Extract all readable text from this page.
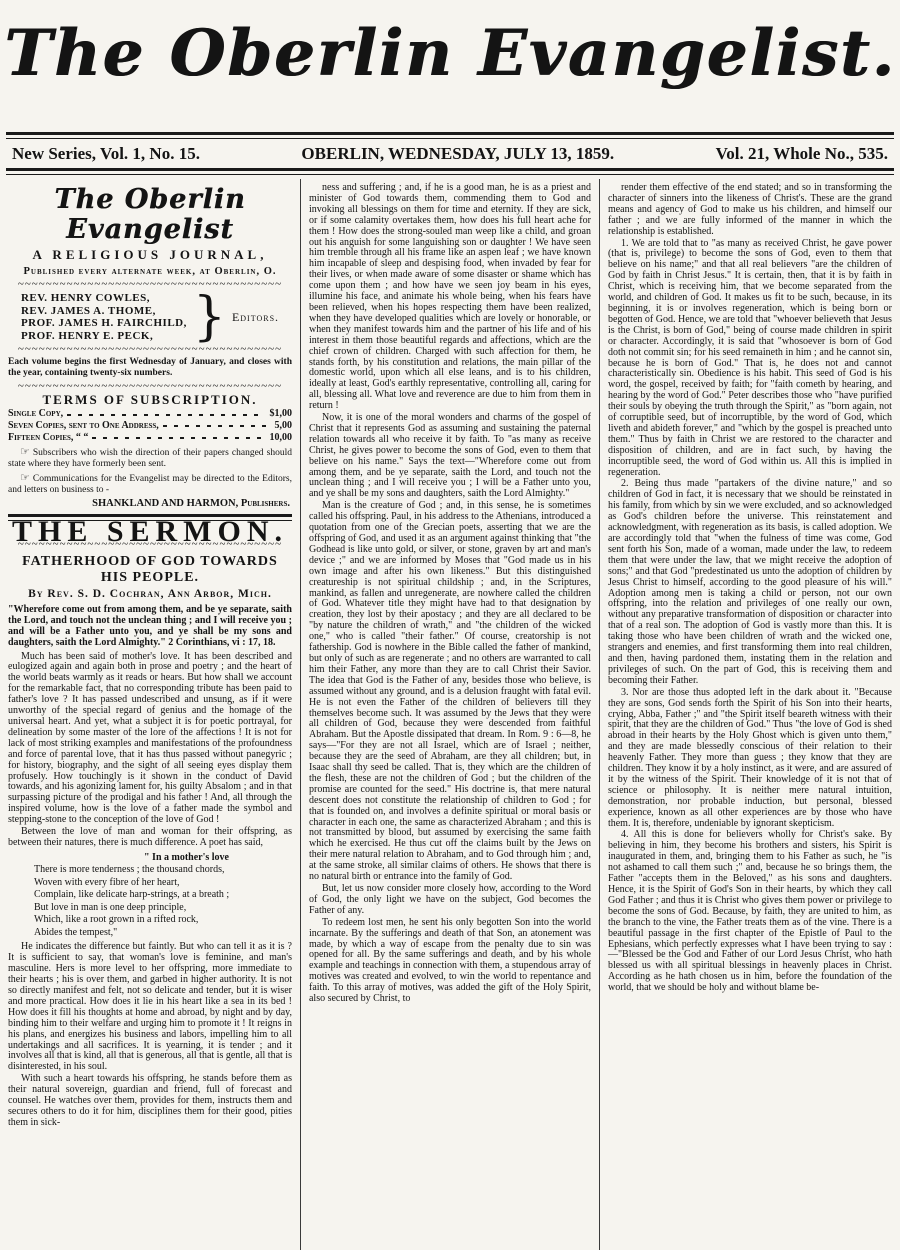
The Oberlin Evangelist.
New Series, Vol. 1, No. 15.	OBERLIN, WEDNESDAY, JULY 13, 1859.	Vol. 21, Whole No., 535.
The Oberlin Evangelist
A RELIGIOUS JOURNAL,
Published every alternate week, at Oberlin, O.
~~~~~
REV. HENRY COWLES,
REV. JAMES A. THOME,
PROF. JAMES H. FAIRCHILD,
PROF. HENRY E. PECK,
}
Editors.
~~~~~
Each volume begins the first Wednesday of January, and closes with the year, containing twenty-six numbers.
~~~~~
TERMS OF SUBSCRIPTION.
Single Copy,	$1,00
Seven Copies, sent to One Address,	5,00
Fifteen Copies, “ “	10,00
☞ Subscribers who wish the direction of their papers changed should state where they have formerly been sent.
☞ Communications for the Evangelist may be directed to the Editors, and letters on business to -
SHANKLAND AND HARMON, Publishers.
THE SERMON.
~~~~~
FATHERHOOD OF GOD TOWARDS HIS PEOPLE.
By Rev. S. D. Cochran, Ann Arbor, Mich.
"Wherefore come out from among them, and be ye separate, saith the Lord, and touch not the unclean thing ; and I will receive you ; and will be a Father unto you, and ye shall be my sons and daughters, saith the Lord Almighty." 2 Corinthians, vi : 17, 18.

Much has been said of mother's love. It has been described and eulogized again and again both in prose and poetry ; and the heart of the world beats warmly as it reads or hears. But how shall we account for the remarkable fact, that no corresponding tribute has been paid to father's love ? It has passed undescribed and unsung, as if it were unworthy of the special regard of genius and the homage of the universal heart. And yet, what a subject it is for poetic portrayal, for delineation by some master of the lore of the affections ! It is not for lack of most striking examples and manifestations of the profoundness and force of parental love, that it has thus passed without panegyric ; for history, biography, and the sight of all seeing eyes display them profusely. How touchingly is it shown in the conduct of David towards, and his agonizing lament for, his guilty Absalom ; and in that surpassing picture of the prodigal and his father ! And, all through the inspired volume, how is the love of a father made the symbol and stepping-stone to the conception of the love of God !

Between the love of man and woman for their offspring, as between their natures, there is much difference. A poet has said,

" In a mother's love
There is more tenderness ; the thousand chords,
Woven with every fibre of her heart,
Complain, like delicate harp-strings, at a breath ;
But love in man is one deep principle,
Which, like a root grown in a rifted rock,
Abides the tempest,"

He indicates the difference but faintly. But who can tell it as it is ? It is sufficient to say, that woman's love is feminine, and man's masculine. Hers is more level to her offspring, more immediate to their hearts ; his is over them, and garbed in higher authority. It is not so directly manifest and felt, not so delicate and tender, but it is wiser and more practical. How does it lie in his heart like a sea in its bed ! How does it fill his thoughts at home and abroad, by night and by day, binding him to their welfare and urging him to promote it ! It reigns in his plans, and energizes his business and labors, impelling him to all undertakings and all sacrifices. It is yearning, it is tender ; and it involves all that is kind, all that is generous, all that is gentle, all that is disinterested, in his soul.

With such a heart towards his offspring, he stands before them as their natural sovereign, guardian and friend, full of forecast and counsel. He watches over them, provides for them, instructs them and secures others to do it for him, disciplines them for their good, pities them in sick-

ness and suffering ; and, if he is a good man, he is as a priest and minister of God towards them, commending them to God and invoking all blessings on them for time and eternity. If they are sick, or if some calamity overtakes them, how does his full heart ache for them ! How does the strong-souled man weep like a child, and groan out his anguish for some languishing son or daughter ! We have seen him tremble through all his frame like an aspen leaf ; we have known him incapable of sleep and despising food, when invaded by fear for their lives, or when made aware of some disaster or shame which has come upon them ; and how have we seen joy beam in his eyes, illumine his face, and animate his whole being, when his fears have been relieved, when his hopes respecting them have been realized, when they have developed qualities which are lovely or honorable, or when they manifest towards him and the partner of his life and of his interest in them those beautiful regards and affections, which are the chief crown of children. Charged with such affection for them, he stands forth, by his constitution and relations, the main pillar of the domestic world, upon which all else leans, and is to his children, ideally at least, God's earthly representative, controlling all, caring for all, blessing all. What love and reverence are due to him from them in return !

Now, it is one of the moral wonders and charms of the gospel of Christ that it represents God as assuming and sustaining the paternal relation towards all who receive it by faith. To "as many as receive Christ, he gives power to become the sons of God, even to them that believe on his name." Says the text—"Wherefore come out from among them, and be ye separate, saith the Lord, and touch not the unclean thing ; and I will receive you ; I will be a Father unto you, and ye shall be my sons and daughters, saith the Lord Almighty."

Man is the creature of God ; and, in this sense, he is sometimes called his offspring. Paul, in his address to the Athenians, introduced a quotation from one of the Grecian poets, asserting that we are the offspring of God, and used it as an argument against thinking that "the Godhead is like unto gold, or silver, or stone, graven by art and man's device ;" and we are informed by Moses that "God made us in his own image and after his own likeness." But this distinguished creatureship is not spiritual childship ; and, in the Scriptures, mankind, as fallen and unregenerate, are nowhere called the children of God. Whatever title they might have had to that designation by creation, they lost by their apostacy ; and they are all declared to be "by nature the children of wrath," and "the children of the wicked one," who is called "their father." Of course, creatorship is not fathership. God is nowhere in the Bible called the father of mankind, but only of such as are regenerate ; and no others are warranted to call him their Father, any more than they are to call Christ their Savior. The idea that God is the Father of any, besides those who believe, is assumed without any ground, and is a delusion fraught with fatal evil. He is not even the Father of the children of believers till they themselves become such. It was assumed by the Jews that they were all children of God, because they were descended from faithful Abraham. But the Apostle dissipated that dream. In Rom. 9 : 6—8, he says—"For they are not all Israel, which are of Israel ; neither, because they are the seed of Abraham, are they all children; but, in Isaac shall thy seed be called. That is, they which are the children of the flesh, these are not the children of God ; but the children of the promise are counted for the seed." His doctrine is, that mere natural descent does not constitute the relationship of children to God ; for that is founded on, and involves a definite spiritual or moral basis or character in each one, the same as characterized Abraham ; and this is not transmitted by blood, but assumed by exercising the same faith which he exercised. He thus cut off the claims built by the Jews on their mere natural relation to Abraham, and to God through him ; and, at the same stroke, all similar claims of others. He shows that there is no natural birth or entrance into the family of God.

But, let us now consider more closely how, according to the Word of God, the only light we have on the subject, God becomes the Father of any.

To redeem lost men, he sent his only begotten Son into the world incarnate. By the sufferings and death of that Son, an atonement was made, by which a way of escape from the penalty due to sin was opened for all. By the same sufferings and death, and by his whole example and teachings in connection with them, a stupendous array of motives was created and evolved, to win the world to repentance and faith. To this array of motives, was added the gift of the Holy Spirit, also secured by Christ, to

render them effective of the end stated; and so in transforming the character of sinners into the likeness of Christ's. These are the grand means and agency of God to make us his children, and himself our father ; and we are fully informed of the manner in which the relationship is established.

1. We are told that to "as many as received Christ, he gave power (that is, privilege) to become the sons of God, even to them that believe on his name;" and that all real believers "are the children of God by faith in Christ Jesus." It is certain, then, that it is by faith in Christ, which is receiving him, that we become separated from the world, and children of God. It makes us fit to be such, because, in its beginning, it is or involves regeneration, which is being born or begotten of God. Hence, we are told that "whoever believeth that Jesus is the Christ, is born of God," being of course made children in spirit or character. Accordingly, it is said that "whosoever is born of God doth not commit sin; for his seed remaineth in him ; and he cannot sin, because he is born of God." That is, he does not and cannot characteristically sin. Obedience is his habit. This seed of God is his word, the gospel, received by faith; for "faith cometh by hearing, and hearing by the word of God." Peter describes those who "have purified their souls by obeying the truth through the Spirit," as "born again, not of corruptible seed, but of incorruptible, by the word of God, which liveth and abideth forever," and "which by the gospel is preached unto them." Thus by faith in Christ we are restored to the character and disposition of children, and are in fact such, by having the incorruptible seed, the word of God within us. All this is implied in regeneration.

2. Being thus made "partakers of the divine nature," and so children of God in fact, it is necessary that we should be reinstated in his family, from which by sin we were excluded, and so acknowledged as God's children before the universe. This reinstatement and acknowledgment, with regeneration as its basis, is called adoption. We are accordingly told that "when the fulness of time was come, God sent forth his Son, made of a woman, made under the law, to redeem them that were under the law, that we might receive the adoption of sons;" and that God "predestinated us unto the adoption of children by Jesus Christ to himself, according to the good pleasure of his will." Adoption among men is taking a child or person, not our own offspring, into the relation and privileges of one really our own, without any preparative transformation of disposition or character into that of a real son. The adoption of God is vastly more than this. It is taking those who have been children of wrath and the wicked one, strangers and enemies, and first transforming them into real children, and then, having pardoned them, instating them in the relation and privileges of such. On the part of God, this is receiving them and becoming their Father.

3. Nor are those thus adopted left in the dark about it. "Because they are sons, God sends forth the Spirit of his Son into their hearts, crying, Abba, Father ;" and "the Spirit itself beareth witness with their spirit, that they are the children of God." Thus "the love of God is shed abroad in their hearts by the Holy Ghost which is given unto them," and they are made blessedly conscious of their relation to their heavenly Father. They more than guess ; they know that they are children. They know it by a holy instinct, as it were, and are assured of it by the witness of the Spirit. Their knowledge of it is not that of science or philosophy. It is neither mere natural intuition, demonstration, nor probable induction, but personal, blessed experience, known as all other experiences are by those who have them. It is, therefore, undeniable by ignorant skepticism.

4. All this is done for believers wholly for Christ's sake. By believing in him, they become his brothers and sisters, his Spirit is inaugurated in them, and, bringing them to his Father as such, he "is not ashamed to call them such ;" and, because he so brings them, the Father "accepts them in the Beloved," as his sons and daughters. Hence, it is the Spirit of God's Son in their hearts, by which they call God Father ; and thus it is Christ who gives them power or privilege to become the sons of God. Because, by faith, they are united to him, as the branch to the vine, the Father treats them as of the vine. There is a beautiful passage in the first chapter of the Epistle of Paul to the Ephesians, which perfectly expresses what I have been trying to say :—"Blessed be the God and Father of our Lord Jesus Christ, who hath blessed us with all spiritual blessings in heavenly places in Christ. According as he hath chosen us in him, before the foundation of the world, that we should be holy and without blame be-
